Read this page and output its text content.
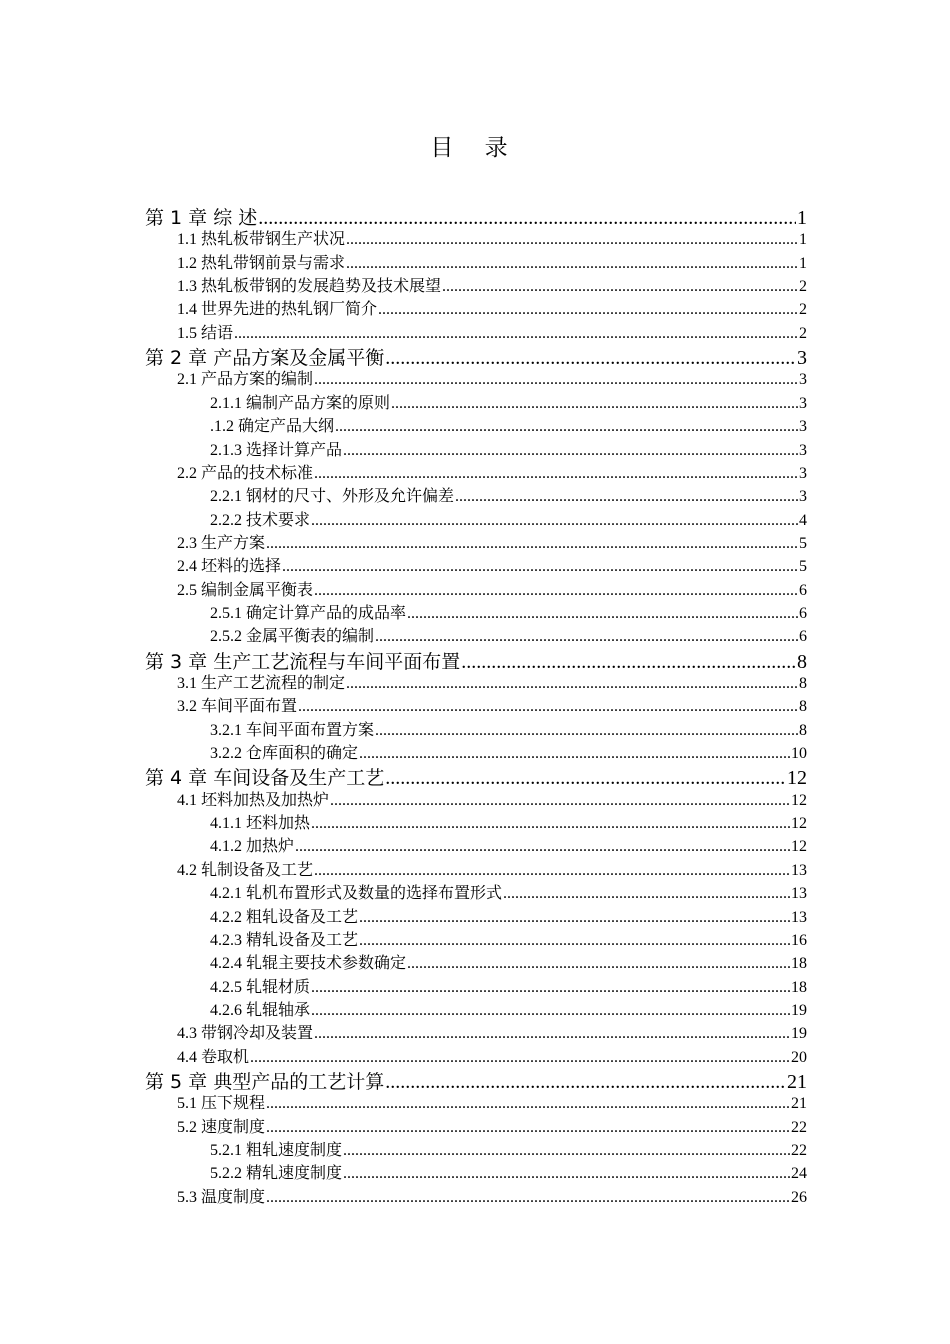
目 录
第 1 章 综 述 .....	1
1.1 热轧板带钢生产状况 .....	1
1.2 热轧带钢前景与需求 .....	1
1.3 热轧板带钢的发展趋势及技术展望 .....	2
1.4 世界先进的热轧钢厂简介 .....	2
1.5 结语 .....	2
第 2 章 产品方案及金属平衡 .....	3
2.1 产品方案的编制 .....	3
2.1.1 编制产品方案的原则 .....	3
.1.2 确定产品大纲 .....	3
2.1.3 选择计算产品 .....	3
2.2 产品的技术标准 .....	3
2.2.1 钢材的尺寸、外形及允许偏差 .....	3
2.2.2 技术要求 .....	4
2.3 生产方案 .....	5
2.4 坯料的选择 .....	5
2.5 编制金属平衡表 .....	6
2.5.1 确定计算产品的成品率 .....	6
2.5.2 金属平衡表的编制 .....	6
第 3 章 生产工艺流程与车间平面布置 .....	8
3.1 生产工艺流程的制定 .....	8
3.2 车间平面布置 .....	8
3.2.1 车间平面布置方案 .....	8
3.2.2 仓库面积的确定 .....	10
第 4 章 车间设备及生产工艺 .....	12
4.1 坯料加热及加热炉 .....	12
4.1.1 坯料加热 .....	12
4.1.2 加热炉 .....	12
4.2 轧制设备及工艺 .....	13
4.2.1 轧机布置形式及数量的选择布置形式 .....	13
4.2.2 粗轧设备及工艺 .....	13
4.2.3 精轧设备及工艺 .....	16
4.2.4 轧辊主要技术参数确定 .....	18
4.2.5 轧辊材质 .....	18
4.2.6 轧辊轴承 .....	19
4.3 带钢冷却及装置 .....	19
4.4 卷取机 .....	20
第 5 章 典型产品的工艺计算 .....	21
5.1 压下规程 .....	21
5.2 速度制度 .....	22
5.2.1 粗轧速度制度 .....	22
5.2.2 精轧速度制度 .....	24
5.3 温度制度 .....	26
